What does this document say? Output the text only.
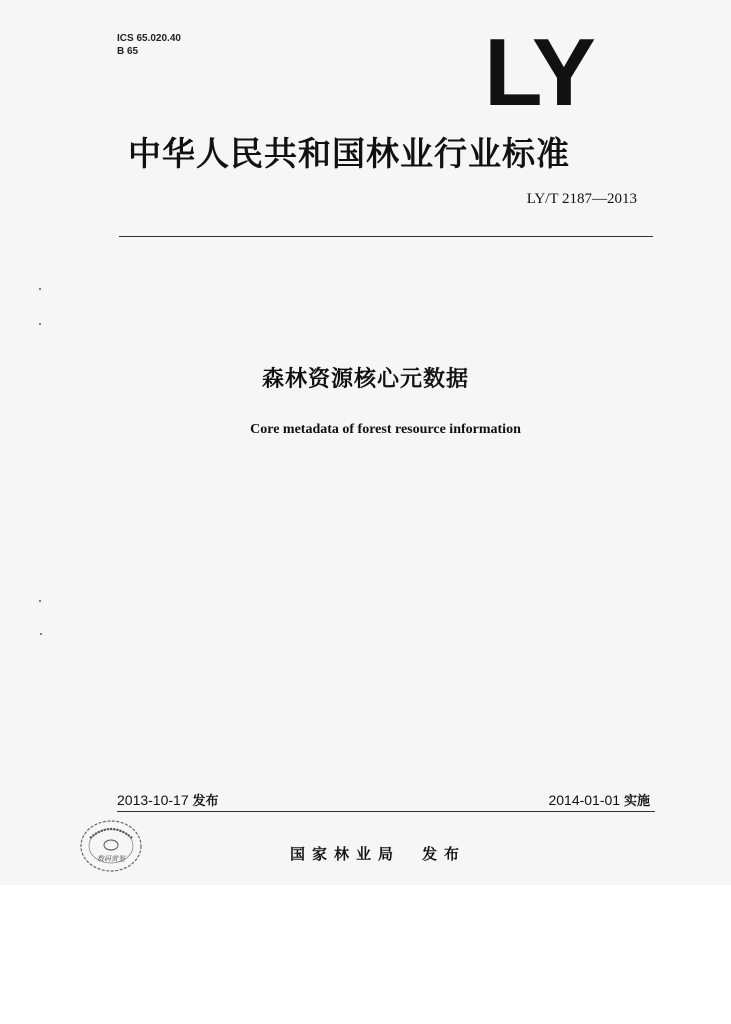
ICS 65.020.40
B 65	LY
中华人民共和国林业行业标准
LY/T 2187—2013
森林资源核心元数据
Core metadata of forest resource information
2013-10-17 发布	2014-01-01 实施
数码赏鉴	国家林业局 发布
